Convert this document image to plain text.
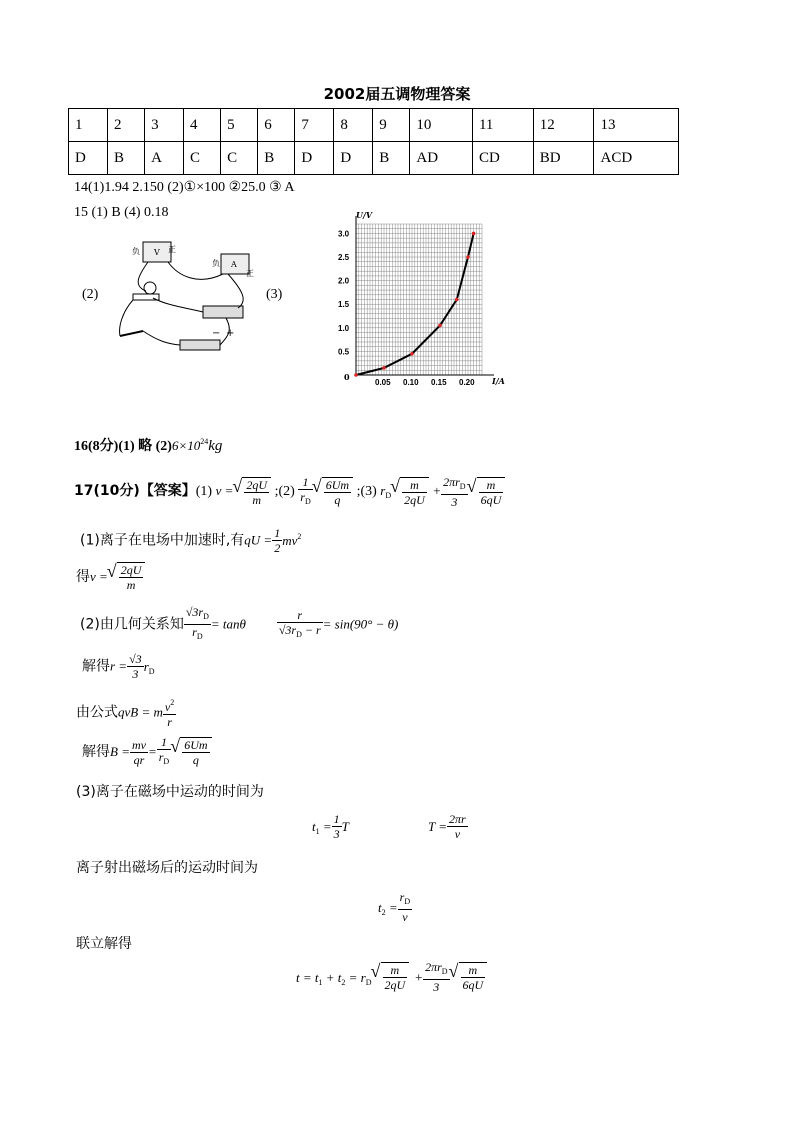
2002届五调物理答案
1	2	3	4	5	6	7	8	9	10	11	12	13
D	B	A	C	C	B	D	D	B	AD	CD	BD	ACD
14(1)1.94 2.150 (2)①×100 ②25.0 ③ A
15 (1) B (4) 0.18
(2)	(3)
负	正
负
正
V
A
− +
0.5
1.0
1.5
2.0
2.5
3.0
0.05 0.10 0.15 0.20
U/V
I/A
0
16(8分)(1) 略 $(2)6\times 10^{24}kg$
17(10分)【答案】(1) v = √ $\frac{2qU}{m}$ ;(2) $\frac{1}{r_D}$ √ $\frac{6Um}{q}$ ;(3) $r_D$ √ $\frac{m}{2qU} + \frac{2\pi r_D}{3}$ √ $\frac{m}{6qU}$
(1)离子在电场中加速时,有qU = $\frac{1}{2} mv^2$
得v = √ $\frac{2qU}{m}$
(2)由几何关系知 $\frac{√3r_D}{r_D} = \tan\theta$	$\frac{r}{√3r_D - r} = \sin(90^\circ - \theta)$
解得$r = \frac{√3}{3} r_D$
由公式qvB = m $\frac{v^2}{r}$
解得$B = \frac{mv}{qr} = \frac{1}{r_D}$ √ $\frac{6Um}{q}$
(3)离子在磁场中运动的时间为
$t_1 = \frac{1}{3}$ T	$T = \frac{2\pi r}{v}$
离子射出磁场后的运动时间为
$t_2 = \frac{r_D}{v}$
联立解得
$t = t_1 + t_2 = r_D$ √ $\frac{m}{2qU} + \frac{2\pi r_D}{3}$ √ $\frac{m}{6qU}$
